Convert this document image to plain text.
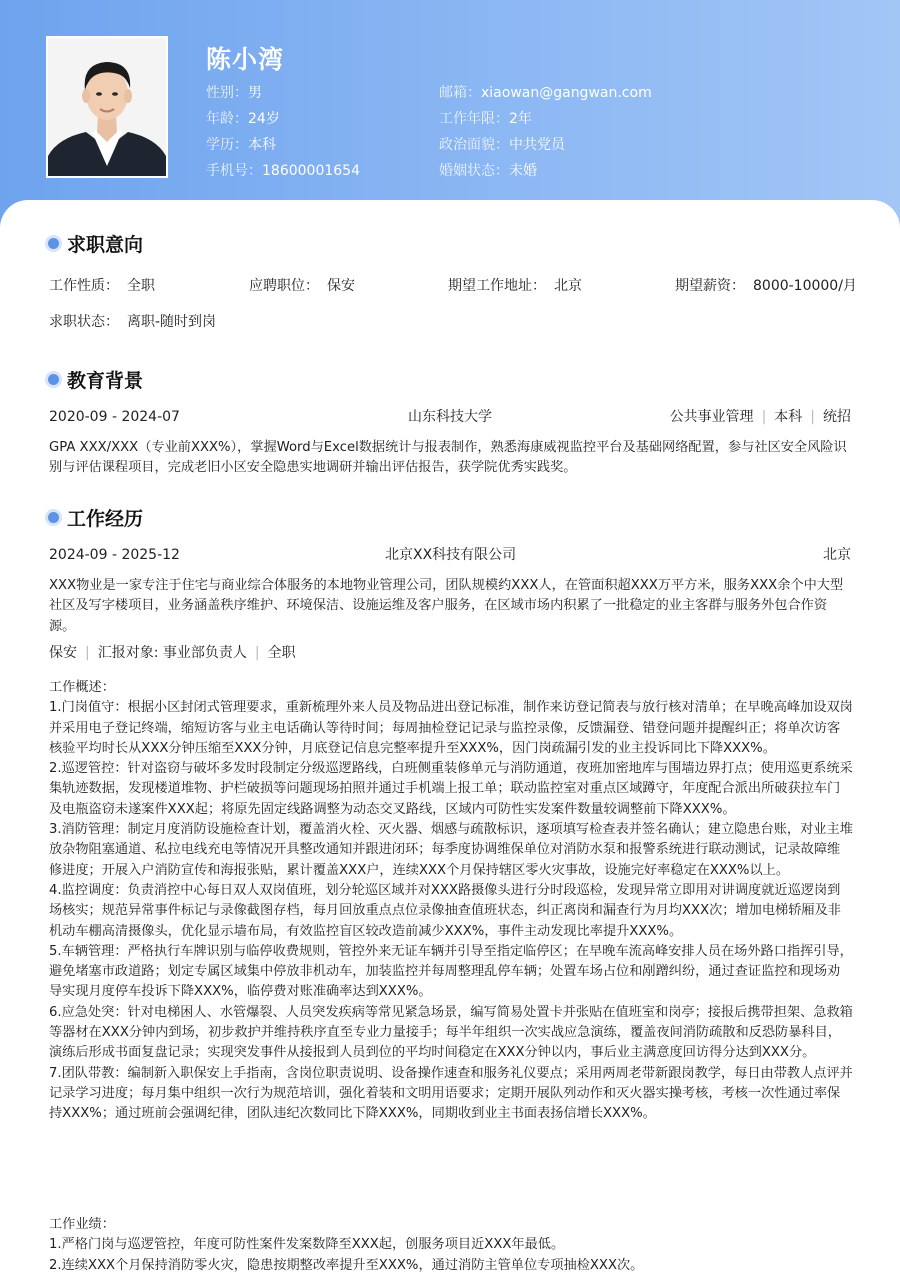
陈小湾
性别：男
年龄：24岁
学历：本科
手机号：18600001654
邮箱：xiaowan@gangwan.com
工作年限：2年
政治面貌：中共党员
婚姻状态：未婚
求职意向
工作性质： 全职	应聘职位： 保安	期望工作地址： 北京	期望薪资： 8000-10000/月
求职状态： 离职-随时到岗
教育背景
2020-09 - 2024-07	山东科技大学	公共事业管理 | 本科 | 统招
GPA XXX/XXX（专业前XXX%），掌握Word与Excel数据统计与报表制作，熟悉海康威视监控平台及基础网络配置，参与社区安全风险识别与评估课程项目，完成老旧小区安全隐患实地调研并输出评估报告，获学院优秀实践奖。
工作经历
2024-09 - 2025-12	北京XX科技有限公司	北京
XXX物业是一家专注于住宅与商业综合体服务的本地物业管理公司，团队规模约XXX人，在管面积超XXX万平方米，服务XXX余个中大型社区及写字楼项目，业务涵盖秩序维护、环境保洁、设施运维及客户服务，在区域市场内积累了一批稳定的业主客群与服务外包合作资源。
保安 | 汇报对象: 事业部负责人 | 全职
工作概述：
1.门岗值守：根据小区封闭式管理要求，重新梳理外来人员及物品进出登记标准，制作来访登记简表与放行核对清单；在早晚高峰加设双岗并采用电子登记终端，缩短访客与业主电话确认等待时间；每周抽检登记记录与监控录像，反馈漏登、错登问题并提醒纠正；将单次访客核验平均时长从XXX分钟压缩至XXX分钟，月底登记信息完整率提升至XXX%，因门岗疏漏引发的业主投诉同比下降XXX%。
2.巡逻管控：针对盗窃与破坏多发时段制定分级巡逻路线，白班侧重装修单元与消防通道，夜班加密地库与围墙边界打点；使用巡更系统采集轨迹数据，发现楼道堆物、护栏破损等问题现场拍照并通过手机端上报工单；联动监控室对重点区域蹲守，年度配合派出所破获拉车门及电瓶盗窃未遂案件XXX起；将原先固定线路调整为动态交叉路线，区域内可防性实发案件数量较调整前下降XXX%。
3.消防管理：制定月度消防设施检查计划，覆盖消火栓、灭火器、烟感与疏散标识，逐项填写检查表并签名确认；建立隐患台账，对业主堆放杂物阻塞通道、私拉电线充电等情况开具整改通知并跟进闭环；每季度协调维保单位对消防水泵和报警系统进行联动测试，记录故障维修进度；开展入户消防宣传和海报张贴，累计覆盖XXX户，连续XXX个月保持辖区零火灾事故，设施完好率稳定在XXX%以上。
4.监控调度：负责消控中心每日双人双岗值班，划分轮巡区域并对XXX路摄像头进行分时段巡检，发现异常立即用对讲调度就近巡逻岗到场核实；规范异常事件标记与录像截图存档，每月回放重点点位录像抽查值班状态，纠正离岗和漏查行为月均XXX次；增加电梯轿厢及非机动车棚高清摄像头，优化显示墙布局，有效监控盲区较改造前减少XXX%，事件主动发现比率提升XXX%。
5.车辆管理：严格执行车牌识别与临停收费规则，管控外来无证车辆并引导至指定临停区；在早晚车流高峰安排人员在场外路口指挥引导，避免堵塞市政道路；划定专属区域集中停放非机动车，加装监控并每周整理乱停车辆；处置车场占位和剐蹭纠纷，通过查证监控和现场劝导实现月度停车投诉下降XXX%，临停费对账准确率达到XXX%。
6.应急处突：针对电梯困人、水管爆裂、人员突发疾病等常见紧急场景，编写简易处置卡并张贴在值班室和岗亭；接报后携带担架、急救箱等器材在XXX分钟内到场，初步救护并维持秩序直至专业力量接手；每半年组织一次实战应急演练，覆盖夜间消防疏散和反恐防暴科目，演练后形成书面复盘记录；实现突发事件从接报到人员到位的平均时间稳定在XXX分钟以内，事后业主满意度回访得分达到XXX分。
7.团队带教：编制新入职保安上手指南，含岗位职责说明、设备操作速查和服务礼仪要点；采用两周老带新跟岗教学，每日由带教人点评并记录学习进度；每月集中组织一次行为规范培训，强化着装和文明用语要求；定期开展队列动作和灭火器实操考核，考核一次性通过率保持XXX%；通过班前会强调纪律，团队违纪次数同比下降XXX%，同期收到业主书面表扬信增长XXX%。
工作业绩：
1.严格门岗与巡逻管控，年度可防性案件发案数降至XXX起，创服务项目近XXX年最低。
2.连续XXX个月保持消防零火灾，隐患按期整改率提升至XXX%，通过消防主管单位专项抽检XXX次。
